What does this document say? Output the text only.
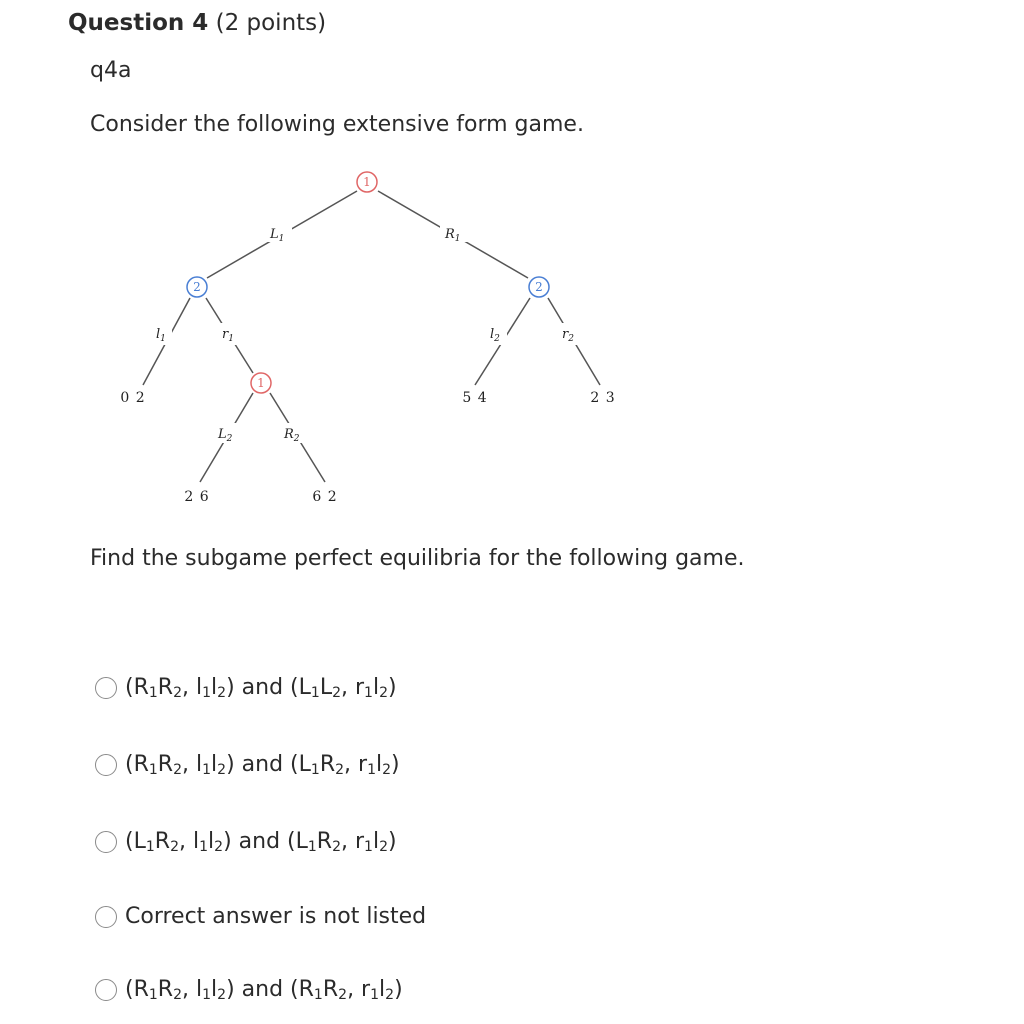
Question 4 (2 points)
q4a
Consider the following extensive form game.
$L_1$	$R_1$
$l_1$	$r_1$
$L_2$	$R_2$
$l_2$	$r_2$
1
2	2
1
0 2
2 6	6 2
5 4	2 3
Find the subgame perfect equilibria for the following game.
($R_1R_2$, $l_1l_2$) and ($L_1L_2$, $r_1l_2$)
($R_1R_2$, $l_1l_2$) and ($L_1R_2$, $r_1l_2$)
($L_1R_2$, $l_1l_2$) and ($L_1R_2$, $r_1l_2$)
Correct answer is not listed
($R_1R_2$, $l_1l_2$) and ($R_1R_2$, $r_1l_2$)
